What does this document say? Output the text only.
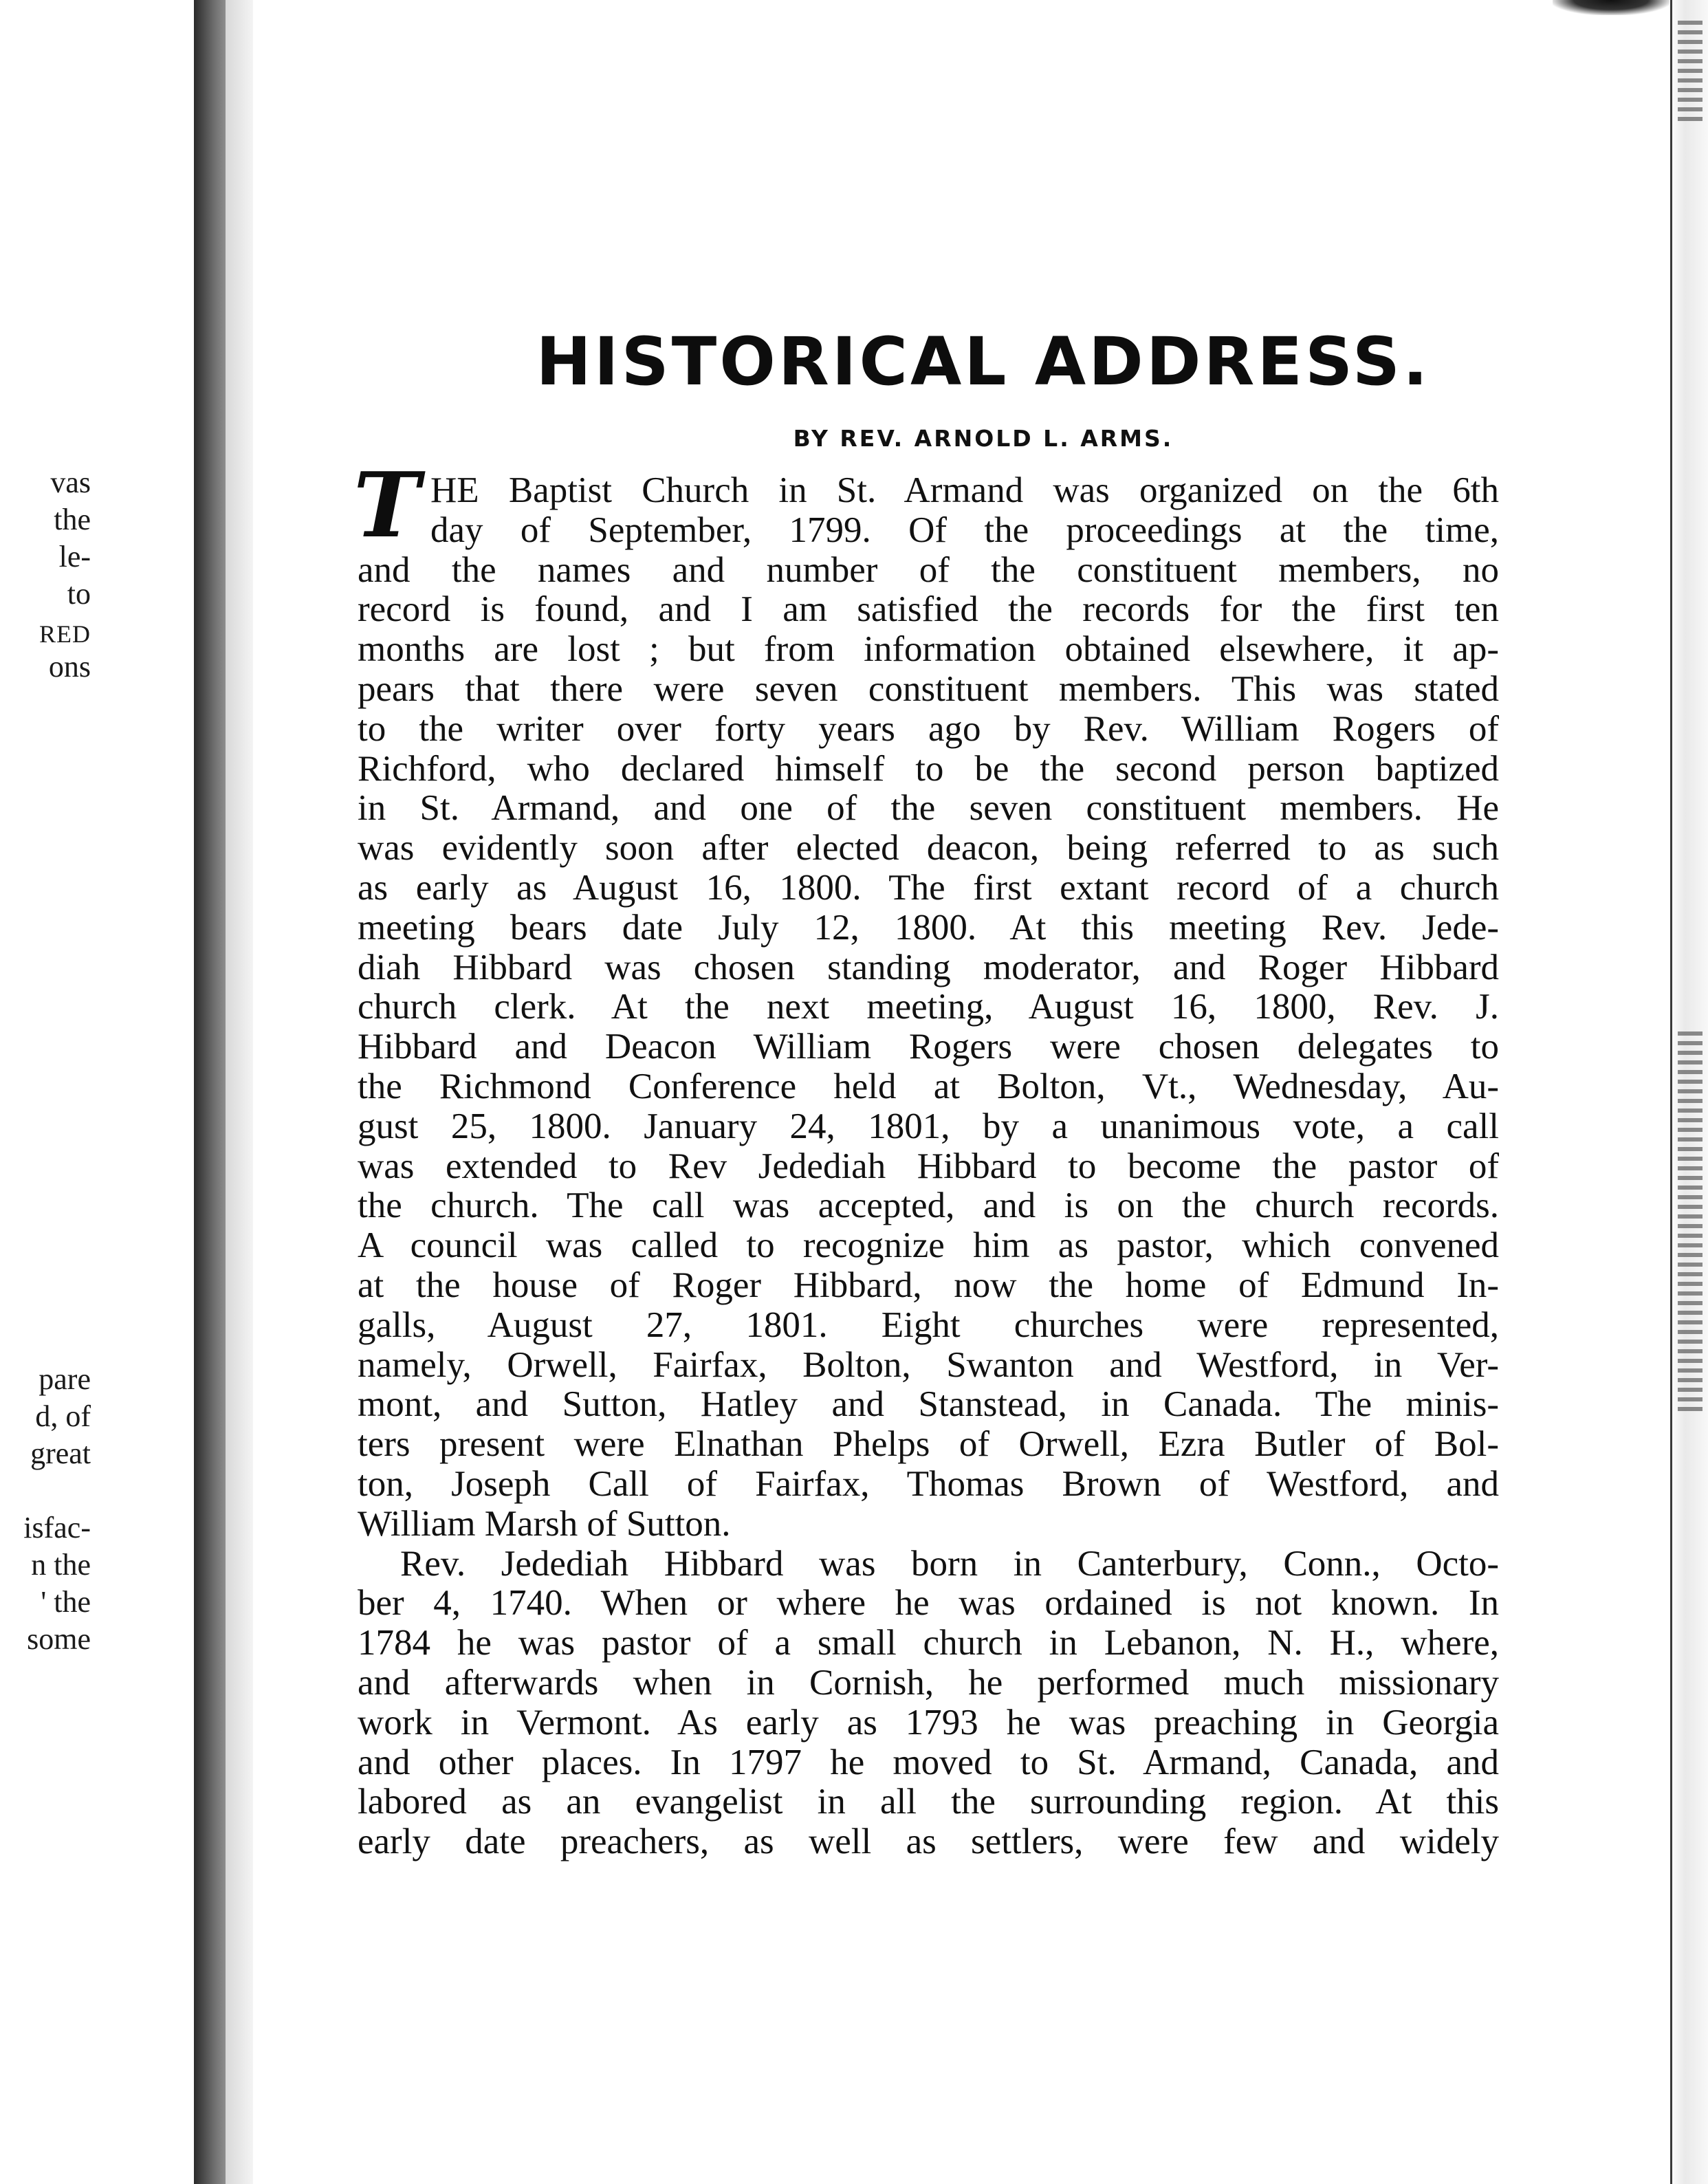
vas
the
le-
to
RED
ons
pare
d, of
great
isfac-
n the
' the
some
HISTORICAL ADDRESS.
BY REV. ARNOLD L. ARMS.
T HE Baptist Church in St. Armand was organized on the 6th
day of September, 1799. Of the proceedings at the time,
and the names and number of the constituent members, no
record is found, and I am satisfied the records for the first ten
months are lost ; but from information obtained elsewhere, it ap-
pears that there were seven constituent members. This was stated
to the writer over forty years ago by Rev. William Rogers of
Richford, who declared himself to be the second person baptized
in St. Armand, and one of the seven constituent members. He
was evidently soon after elected deacon, being referred to as such
as early as August 16, 1800. The first extant record of a church
meeting bears date July 12, 1800. At this meeting Rev. Jede-
diah Hibbard was chosen standing moderator, and Roger Hibbard
church clerk. At the next meeting, August 16, 1800, Rev. J.
Hibbard and Deacon William Rogers were chosen delegates to
the Richmond Conference held at Bolton, Vt., Wednesday, Au-
gust 25, 1800. January 24, 1801, by a unanimous vote, a call
was extended to Rev Jedediah Hibbard to become the pastor of
the church. The call was accepted, and is on the church records.
A council was called to recognize him as pastor, which convened
at the house of Roger Hibbard, now the home of Edmund In-
galls, August 27, 1801. Eight churches were represented,
namely, Orwell, Fairfax, Bolton, Swanton and Westford, in Ver-
mont, and Sutton, Hatley and Stanstead, in Canada. The minis-
ters present were Elnathan Phelps of Orwell, Ezra Butler of Bol-
ton, Joseph Call of Fairfax, Thomas Brown of Westford, and
William Marsh of Sutton.
Rev. Jedediah Hibbard was born in Canterbury, Conn., Octo-
ber 4, 1740. When or where he was ordained is not known. In
1784 he was pastor of a small church in Lebanon, N. H., where,
and afterwards when in Cornish, he performed much missionary
work in Vermont. As early as 1793 he was preaching in Georgia
and other places. In 1797 he moved to St. Armand, Canada, and
labored as an evangelist in all the surrounding region. At this
early date preachers, as well as settlers, were few and widely
